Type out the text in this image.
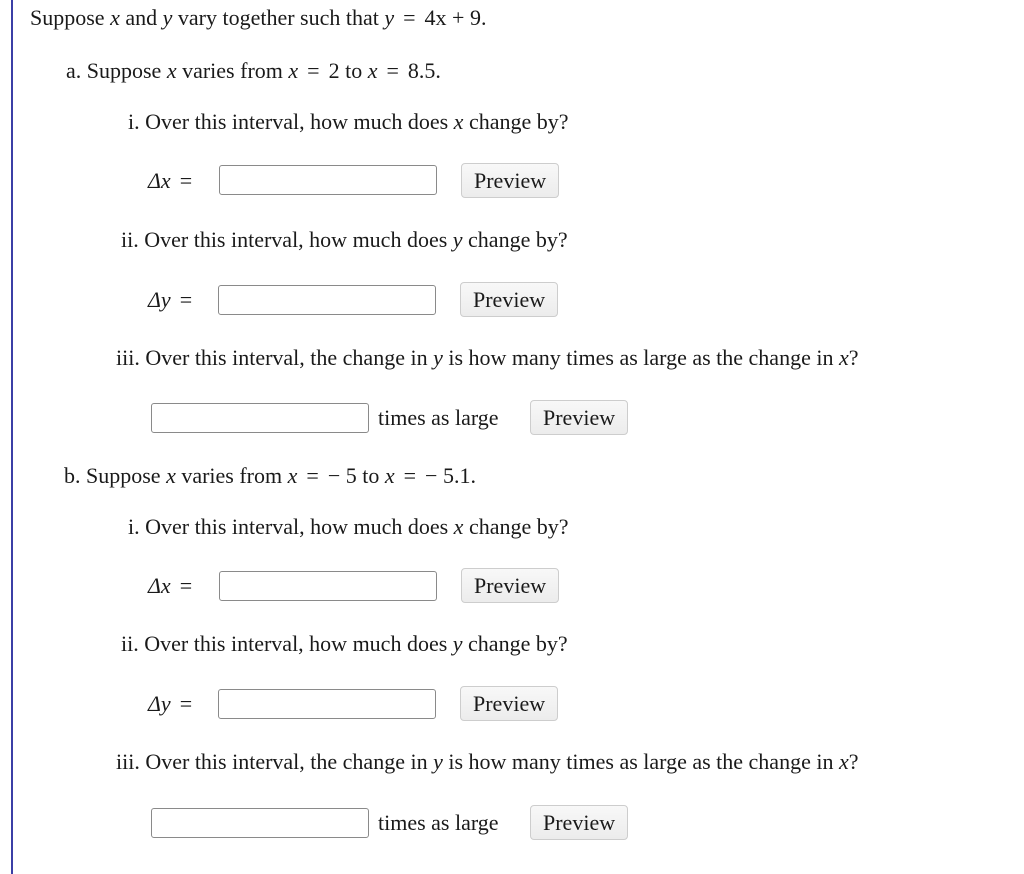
Suppose x and y vary together such that y = 4x + 9.
a. Suppose x varies from x = 2 to x = 8.5.
i. Over this interval, how much does x change by?
Δx =	Preview
ii. Over this interval, how much does y change by?
Δy =	Preview
iii. Over this interval, the change in y is how many times as large as the change in x?
times as large	Preview
b. Suppose x varies from x = − 5 to x = − 5.1.
i. Over this interval, how much does x change by?
Δx =	Preview
ii. Over this interval, how much does y change by?
Δy =	Preview
iii. Over this interval, the change in y is how many times as large as the change in x?
times as large	Preview
